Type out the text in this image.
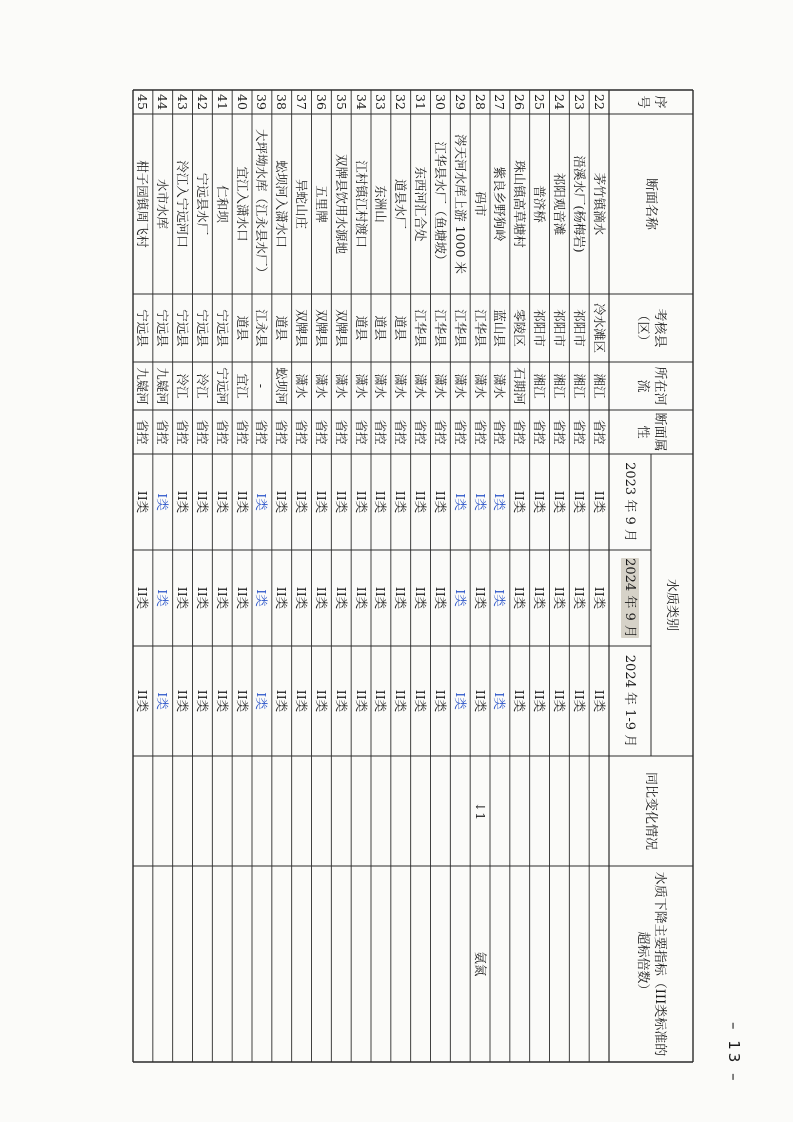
序号
断面名称
考核县（区）
所在河流
断面属性
水质类别
2023 年 9 月
2024 年 9 月
2024 年 1-9 月
同比变化情况
水质下降主要指标（III类标准的超标倍数）
22
茅竹镇滴水
冷水滩区
湘江
省控
II类
II类
II类
23
浯溪水厂(杨梅岩)
祁阳市
湘江
省控
II类
II类
II类
24
祁阳观音滩
祁阳市
湘江
省控
II类
II类
II类
25
普济桥
祁阳市
湘江
省控
II类
II类
II类
26
珠山镇高草塘村
零陵区
石期河
省控
II类
II类
II类
27
紫良乡野狗岭
蓝山县
潇水
省控
I类
I类
I类
28
码市
江华县
潇水
省控
I类
II类
II类
↓1
氨氮
29
涔天河水库上游 1000 米
江华县
潇水
省控
I类
I类
I类
30
江华县水厂（鱼塘坡）
江华县
潇水
省控
II类
II类
II类
31
东西河汇合处
江华县
潇水
省控
II类
II类
II类
32
道县水厂
道县
潇水
省控
II类
II类
II类
33
东洲山
道县
潇水
省控
II类
II类
II类
34
江村镇江村渡口
道县
潇水
省控
II类
II类
II类
35
双牌县饮用水源地
双牌县
潇水
省控
II类
II类
II类
36
五里牌
双牌县
潇水
省控
II类
II类
II类
37
异蛇山庄
双牌县
潇水
省控
II类
II类
II类
38
蚣坝河入潇水口
道县
蚣坝河
省控
II类
II类
II类
39
大坪坳水库（江永县水厂）
江永县
-
省控
I类
I类
I类
40
宜江入潇水口
道县
宜江
省控
II类
II类
II类
41
仁和坝
宁远县
宁远河
省控
II类
II类
II类
42
宁远县水厂
宁远县
泠江
省控
II类
II类
II类
43
泠江入宁远河口
宁远县
泠江
省控
II类
II类
II类
44
水市水库
宁远县
九嶷河
省控
I类
I类
I类
45
柑子园镇周飞村
宁远县
九嶷河
省控
II类
II类
II类
– 13 –
